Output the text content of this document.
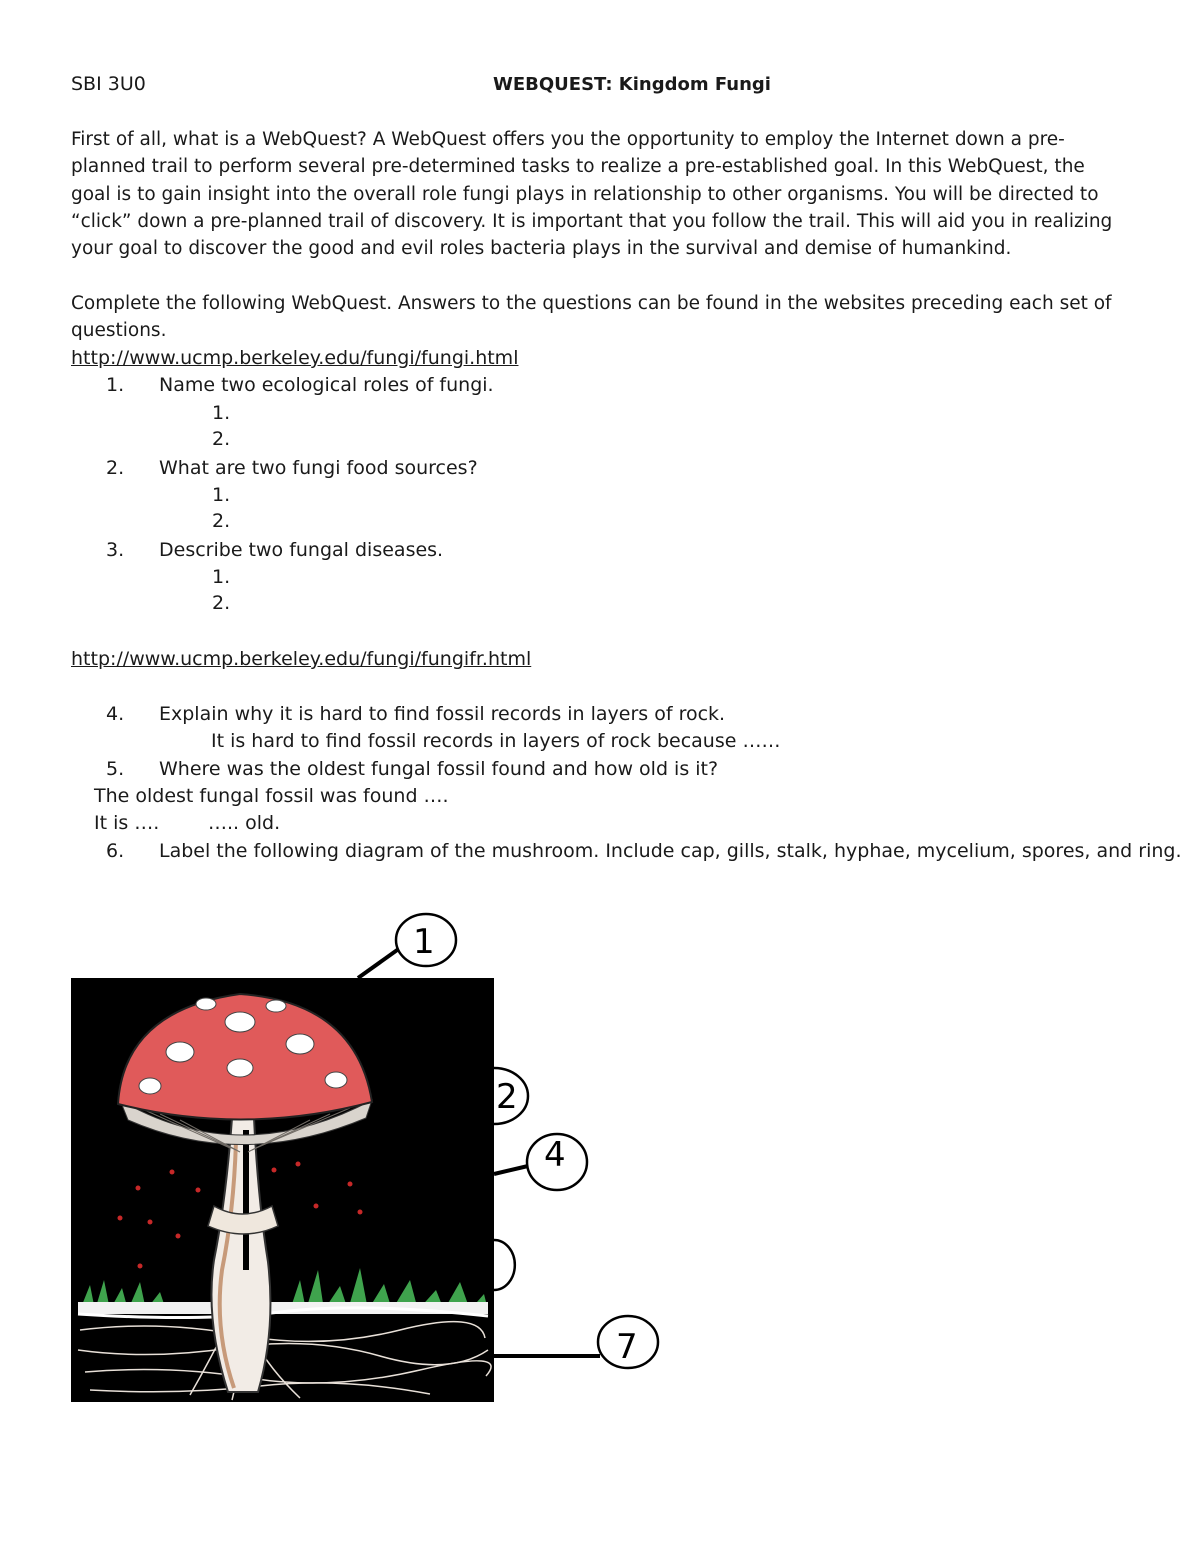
SBI 3U0	WEBQUEST: Kingdom Fungi
First of all, what is a WebQuest? A WebQuest offers you the opportunity to employ the Internet down a pre-
planned trail to perform several pre-determined tasks to realize a pre-established goal. In this WebQuest, the
goal is to gain insight into the overall role fungi plays in relationship to other organisms. You will be directed to
“click” down a pre-planned trail of discovery. It is important that you follow the trail. This will aid you in realizing
your goal to discover the good and evil roles bacteria plays in the survival and demise of humankind.
Complete the following WebQuest. Answers to the questions can be found in the websites preceding each set of
questions.
http://www.ucmp.berkeley.edu/fungi/fungi.html
1. Name two ecological roles of fungi.
1.
2.
2. What are two fungi food sources?
1.
2.
3. Describe two fungal diseases.
1.
2.
http://www.ucmp.berkeley.edu/fungi/fungifr.html
4. Explain why it is hard to find fossil records in layers of rock.
It is hard to find fossil records in layers of rock because ……
5. Where was the oldest fungal fossil found and how old is it?
The oldest fungal fossil was found ….
It is ….	….. old.
6. Label the following diagram of the mushroom. Include cap, gills, stalk, hyphae, mycelium, spores, and ring.
1
2
4
7
